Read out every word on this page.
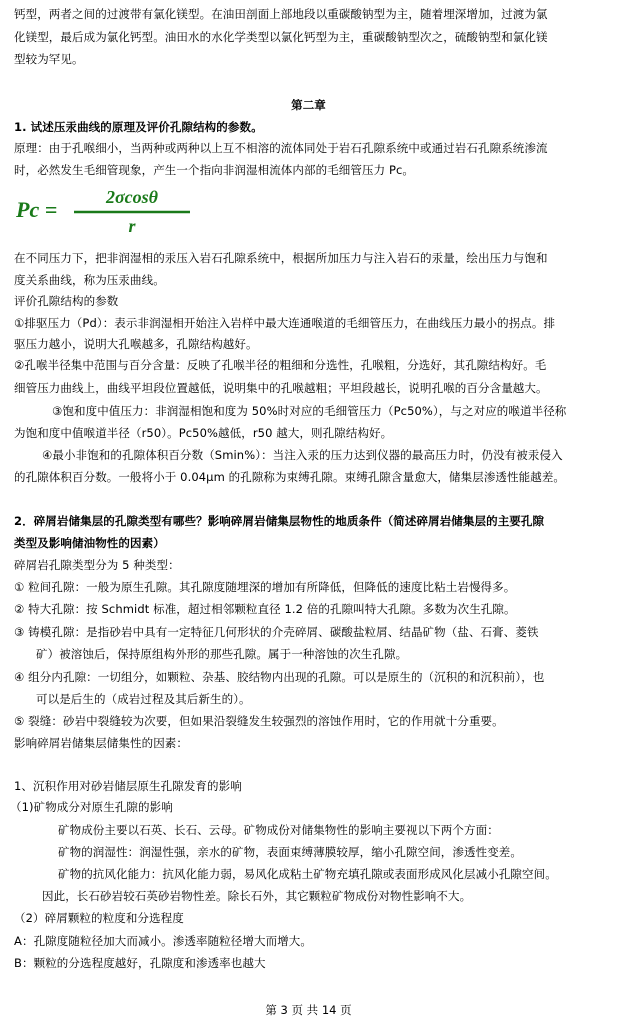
钙型，两者之间的过渡带有氯化镁型。在油田剖面上部地段以重碳酸钠型为主，随着埋深增加，过渡为氯
化镁型，最后成为氯化钙型。油田水的水化学类型以氯化钙型为主，重碳酸钠型次之，硫酸钠型和氯化镁
型较为罕见。
第二章
1. 试述压汞曲线的原理及评价孔隙结构的参数。
原理：由于孔喉细小，当两种或两种以上互不相溶的流体同处于岩石孔隙系统中或通过岩石孔隙系统渗流
时，必然发生毛细管现象，产生一个指向非润湿相流体内部的毛细管压力 Pc。
Pc =	2σcosθ
r
在不同压力下，把非润湿相的汞压入岩石孔隙系统中，根据所加压力与注入岩石的汞量，绘出压力与饱和
度关系曲线，称为压汞曲线。
评价孔隙结构的参数
①排驱压力（Pd）：表示非润湿相开始注入岩样中最大连通喉道的毛细管压力，在曲线压力最小的拐点。排
驱压力越小，说明大孔喉越多，孔隙结构越好。
②孔喉半径集中范围与百分含量：反映了孔喉半径的粗细和分选性，孔喉粗，分选好，其孔隙结构好。毛
细管压力曲线上，曲线平坦段位置越低，说明集中的孔喉越粗；平坦段越长，说明孔喉的百分含量越大。
③饱和度中值压力：非润湿相饱和度为 50%时对应的毛细管压力（Pc50%），与之对应的喉道半径称
为饱和度中值喉道半径（r50）。Pc50%越低，r50 越大，则孔隙结构好。
④最小非饱和的孔隙体积百分数（Smin%）：当注入汞的压力达到仪器的最高压力时，仍没有被汞侵入
的孔隙体积百分数。一般将小于 0.04μm 的孔隙称为束缚孔隙。束缚孔隙含量愈大，储集层渗透性能越差。
2．碎屑岩储集层的孔隙类型有哪些？影响碎屑岩储集层物性的地质条件（简述碎屑岩储集层的主要孔隙
类型及影响储油物性的因素）
碎屑岩孔隙类型分为 5 种类型：
① 粒间孔隙：一般为原生孔隙。其孔隙度随埋深的增加有所降低，但降低的速度比粘土岩慢得多。
② 特大孔隙：按 Schmidt 标准，超过相邻颗粒直径 1.2 倍的孔隙叫特大孔隙。多数为次生孔隙。
③ 铸模孔隙：是指砂岩中具有一定特征几何形状的介壳碎屑、碳酸盐粒屑、结晶矿物（盐、石膏、菱铁
矿）被溶蚀后，保持原组构外形的那些孔隙。属于一种溶蚀的次生孔隙。
④ 组分内孔隙：一切组分，如颗粒、杂基、胶结物内出现的孔隙。可以是原生的（沉积的和沉积前），也
可以是后生的（成岩过程及其后新生的）。
⑤ 裂缝：砂岩中裂缝较为次要，但如果沿裂缝发生较强烈的溶蚀作用时，它的作用就十分重要。
影响碎屑岩储集层储集性的因素：
1、沉积作用对砂岩储层原生孔隙发育的影响
（1)矿物成分对原生孔隙的影响
矿物成份主要以石英、长石、云母。矿物成份对储集物性的影响主要视以下两个方面：
矿物的润湿性：润湿性强，亲水的矿物，表面束缚薄膜较厚，缩小孔隙空间，渗透性变差。
矿物的抗风化能力：抗风化能力弱，易风化成粘土矿物充填孔隙或表面形成风化层减小孔隙空间。
因此，长石砂岩较石英砂岩物性差。除长石外，其它颗粒矿物成份对物性影响不大。
（2）碎屑颗粒的粒度和分选程度
A：孔隙度随粒径加大而减小。渗透率随粒径增大而增大。
B：颗粒的分选程度越好，孔隙度和渗透率也越大
第 3 页 共 14 页
